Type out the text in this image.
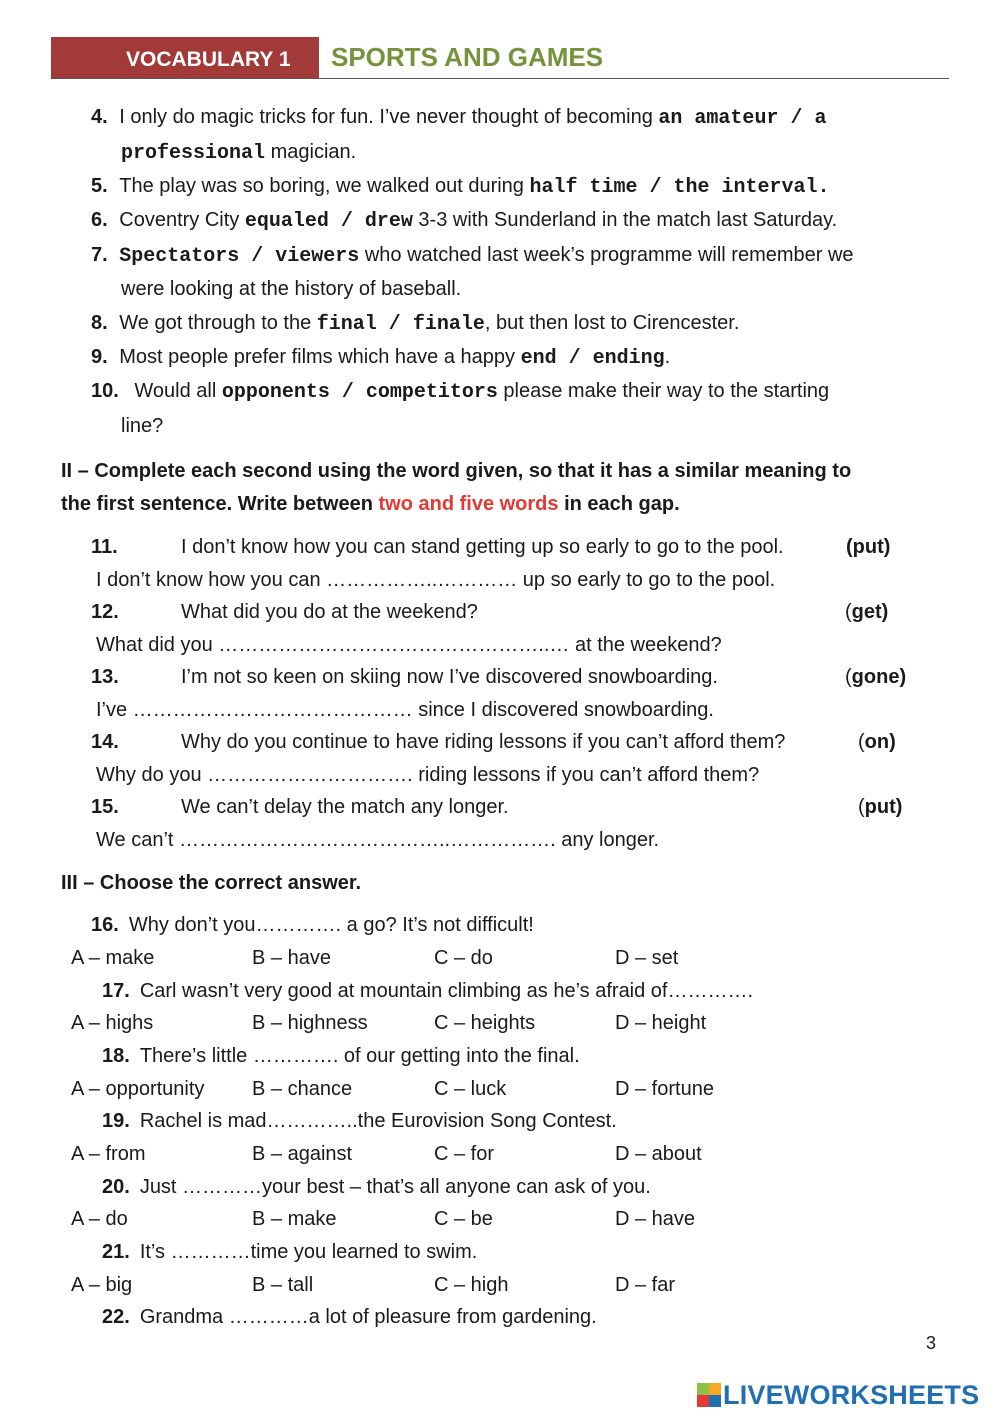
VOCABULARY 1 SPORTS AND GAMES
4. I only do magic tricks for fun. I’ve never thought of becoming an amateur / a
professional magician.
5. The play was so boring, we walked out during half time / the interval.
6. Coventry City equaled / drew 3-3 with Sunderland in the match last Saturday.
7. Spectators / viewers who watched last week’s programme will remember we
were looking at the history of baseball.
8. We got through to the final / finale, but then lost to Cirencester.
9. Most people prefer films which have a happy end / ending.
10. Would all opponents / competitors please make their way to the starting
line?
II – Complete each second using the word given, so that it has a similar meaning to
the first sentence. Write between two and five words in each gap.
11.	I don’t know how you can stand getting up so early to go to the pool.	(put)
I don’t know how you can ……………..………… up so early to go to the pool.
12.	What did you do at the weekend?	(get)
What did you …………………………………………..… at the weekend?
13.	I’m not so keen on skiing now I’ve discovered snowboarding.	(gone)
I’ve …………………………………… since I discovered snowboarding.
14.	Why do you continue to have riding lessons if you can’t afford them?	(on)
Why do you …………………………. riding lessons if you can’t afford them?
15.	We can’t delay the match any longer.	(put)
We can’t …………………………………..……………. any longer.
III – Choose the correct answer.
16. Why don’t you…………. a go? It’s not difficult!
A – make	B – have	C – do	D – set
17. Carl wasn’t very good at mountain climbing as he’s afraid of………….
A – highs	B – highness	C – heights	D – height
18. There’s little …………. of our getting into the final.
A – opportunity B – chance	C – luck	D – fortune
19. Rachel is mad…………..the Eurovision Song Contest.
A – from	B – against	C – for	D – about
20. Just …………your best – that’s all anyone can ask of you.
A – do	B – make	C – be	D – have
21. It’s …………time you learned to swim.
A – big	B – tall	C – high	D – far
22. Grandma …………a lot of pleasure from gardening.
3
LIVEWORKSHEETS
